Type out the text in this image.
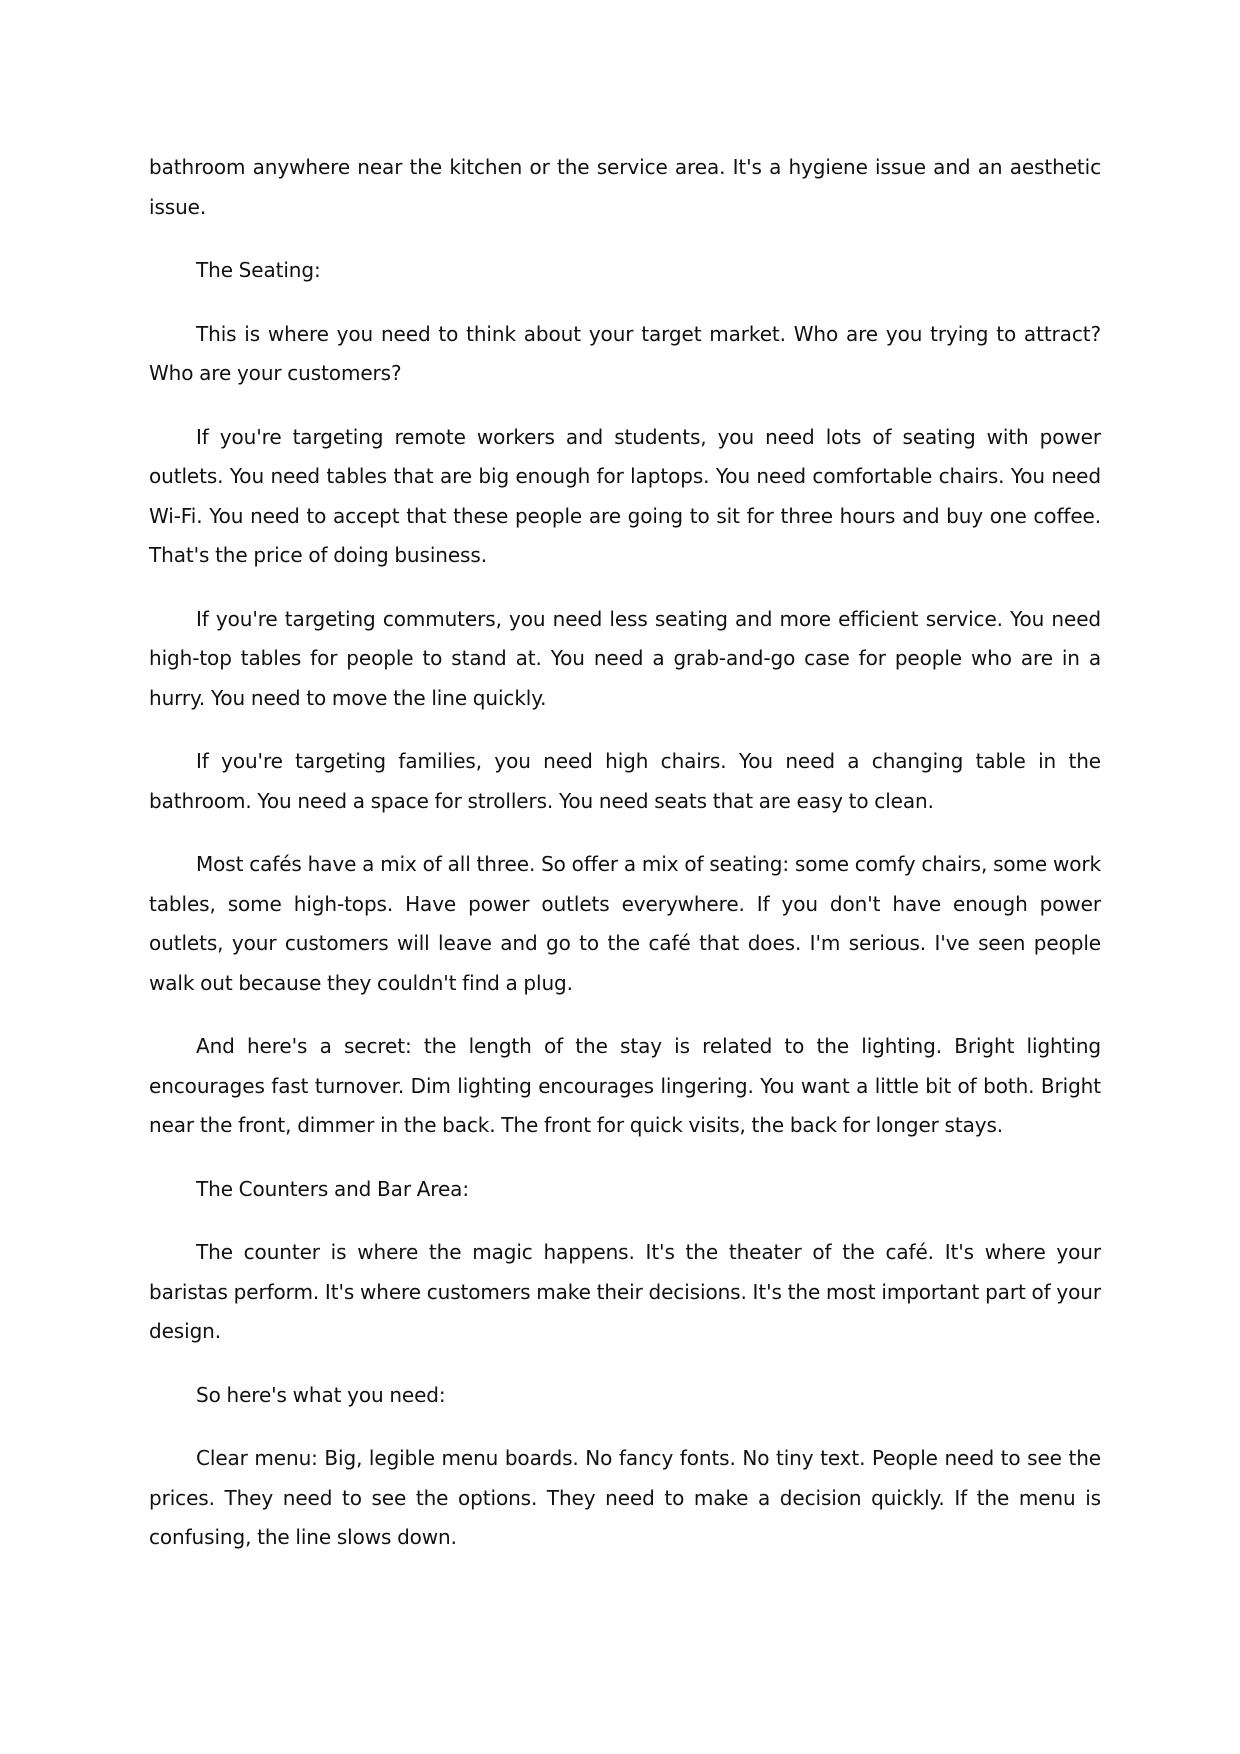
bathroom anywhere near the kitchen or the service area. It's a hygiene issue and an aesthetic issue.

The Seating:

This is where you need to think about your target market. Who are you trying to attract? Who are your customers?

If you're targeting remote workers and students, you need lots of seating with power outlets. You need tables that are big enough for laptops. You need comfortable chairs. You need Wi-Fi. You need to accept that these people are going to sit for three hours and buy one coffee. That's the price of doing business.

If you're targeting commuters, you need less seating and more efficient service. You need high-top tables for people to stand at. You need a grab-and-go case for people who are in a hurry. You need to move the line quickly.

If you're targeting families, you need high chairs. You need a changing table in the bathroom. You need a space for strollers. You need seats that are easy to clean.

Most cafés have a mix of all three. So offer a mix of seating: some comfy chairs, some work tables, some high-tops. Have power outlets everywhere. If you don't have enough power outlets, your customers will leave and go to the café that does. I'm serious. I've seen people walk out because they couldn't find a plug.

And here's a secret: the length of the stay is related to the lighting. Bright lighting encourages fast turnover. Dim lighting encourages lingering. You want a little bit of both. Bright near the front, dimmer in the back. The front for quick visits, the back for longer stays.

The Counters and Bar Area:

The counter is where the magic happens. It's the theater of the café. It's where your baristas perform. It's where customers make their decisions. It's the most important part of your design.

So here's what you need:

Clear menu: Big, legible menu boards. No fancy fonts. No tiny text. People need to see the prices. They need to see the options. They need to make a decision quickly. If the menu is confusing, the line slows down.
